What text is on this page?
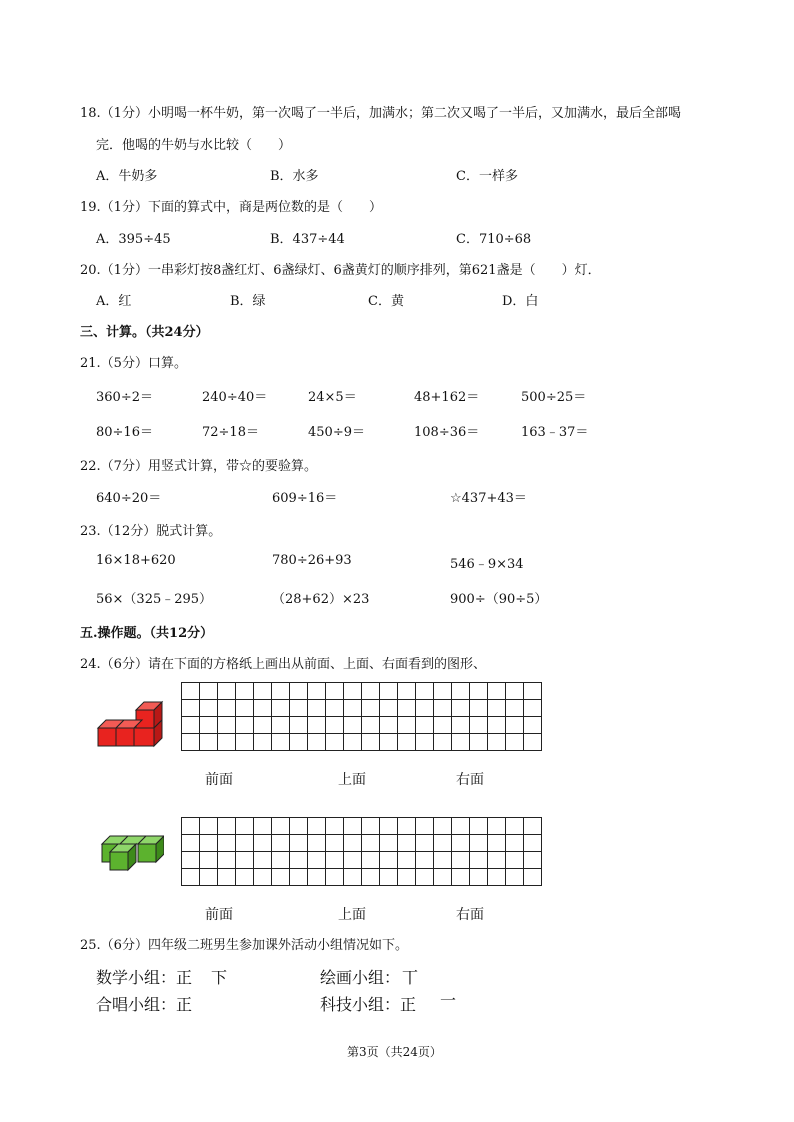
18.（1分）小明喝一杯牛奶，第一次喝了一半后，加满水；第二次又喝了一半后，又加满水，最后全部喝
完．他喝的牛奶与水比较（　　）
A．牛奶多	B．水多	C．一样多
19.（1分）下面的算式中，商是两位数的是（　　）
A．395÷45	B．437÷44	C．710÷68
20.（1分）一串彩灯按8盏红灯、6盏绿灯、6盏黄灯的顺序排列，第621盏是（　　）灯．
A．红	B．绿	C．黄	D．白
三、计算。（共24分）
21.（5分）口算。
360÷2＝	240÷40＝	24×5＝	48+162＝	500÷25＝
80÷16＝	72÷18＝	450÷9＝	108÷36＝	163﹣37＝
22.（7分）用竖式计算，带☆的要验算。
640÷20＝	609÷16＝	☆437+43＝
23.（12分）脱式计算。
16×18+620	780÷26+93	546﹣9×34
56×（325﹣295）	（28+62）×23	900÷（90÷5）
五.操作题。（共12分）
24.（6分）请在下面的方格纸上画出从前面、上面、右面看到的图形、

前面	上面	右面

前面	上面	右面
25.（6分）四年级二班男生参加课外活动小组情况如下。
数学小组：正 下	绘画小组： 丅
合唱小组：正	科技小组：正 一
第3页（共24页）
